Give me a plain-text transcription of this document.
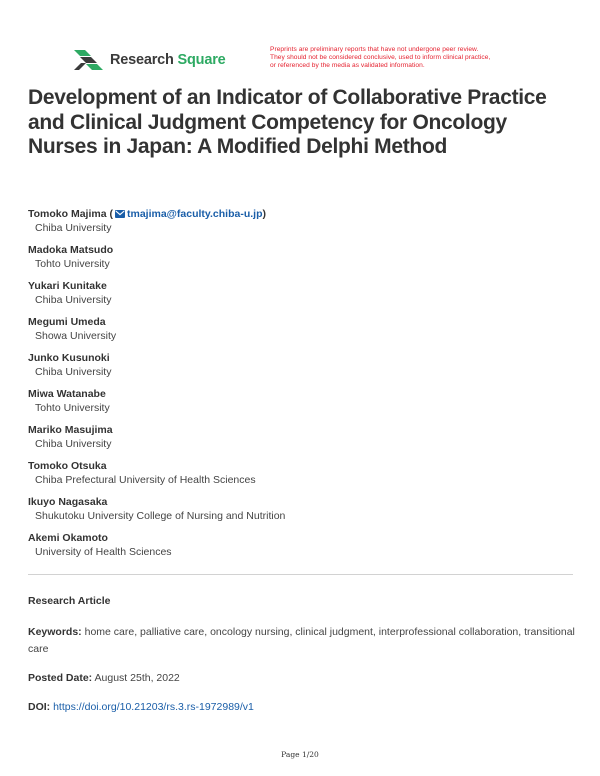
Research Square
Preprints are preliminary reports that have not undergone peer review.
They should not be considered conclusive, used to inform clinical practice,
or referenced by the media as validated information.
Development of an Indicator of Collaborative Practice and Clinical Judgment Competency for Oncology Nurses in Japan: A Modified Delphi Method
Tomoko Majima ( tmajima@faculty.chiba-u.jp)
Chiba University
Madoka Matsudo
Tohto University
Yukari Kunitake
Chiba University
Megumi Umeda
Showa University
Junko Kusunoki
Chiba University
Miwa Watanabe
Tohto University
Mariko Masujima
Chiba University
Tomoko Otsuka
Chiba Prefectural University of Health Sciences
Ikuyo Nagasaka
Shukutoku University College of Nursing and Nutrition
Akemi Okamoto
University of Health Sciences
Research Article
Keywords: home care, palliative care, oncology nursing, clinical judgment, interprofessional collaboration, transitional care
Posted Date: August 25th, 2022
DOI: https://doi.org/10.21203/rs.3.rs-1972989/v1
Page 1/20
